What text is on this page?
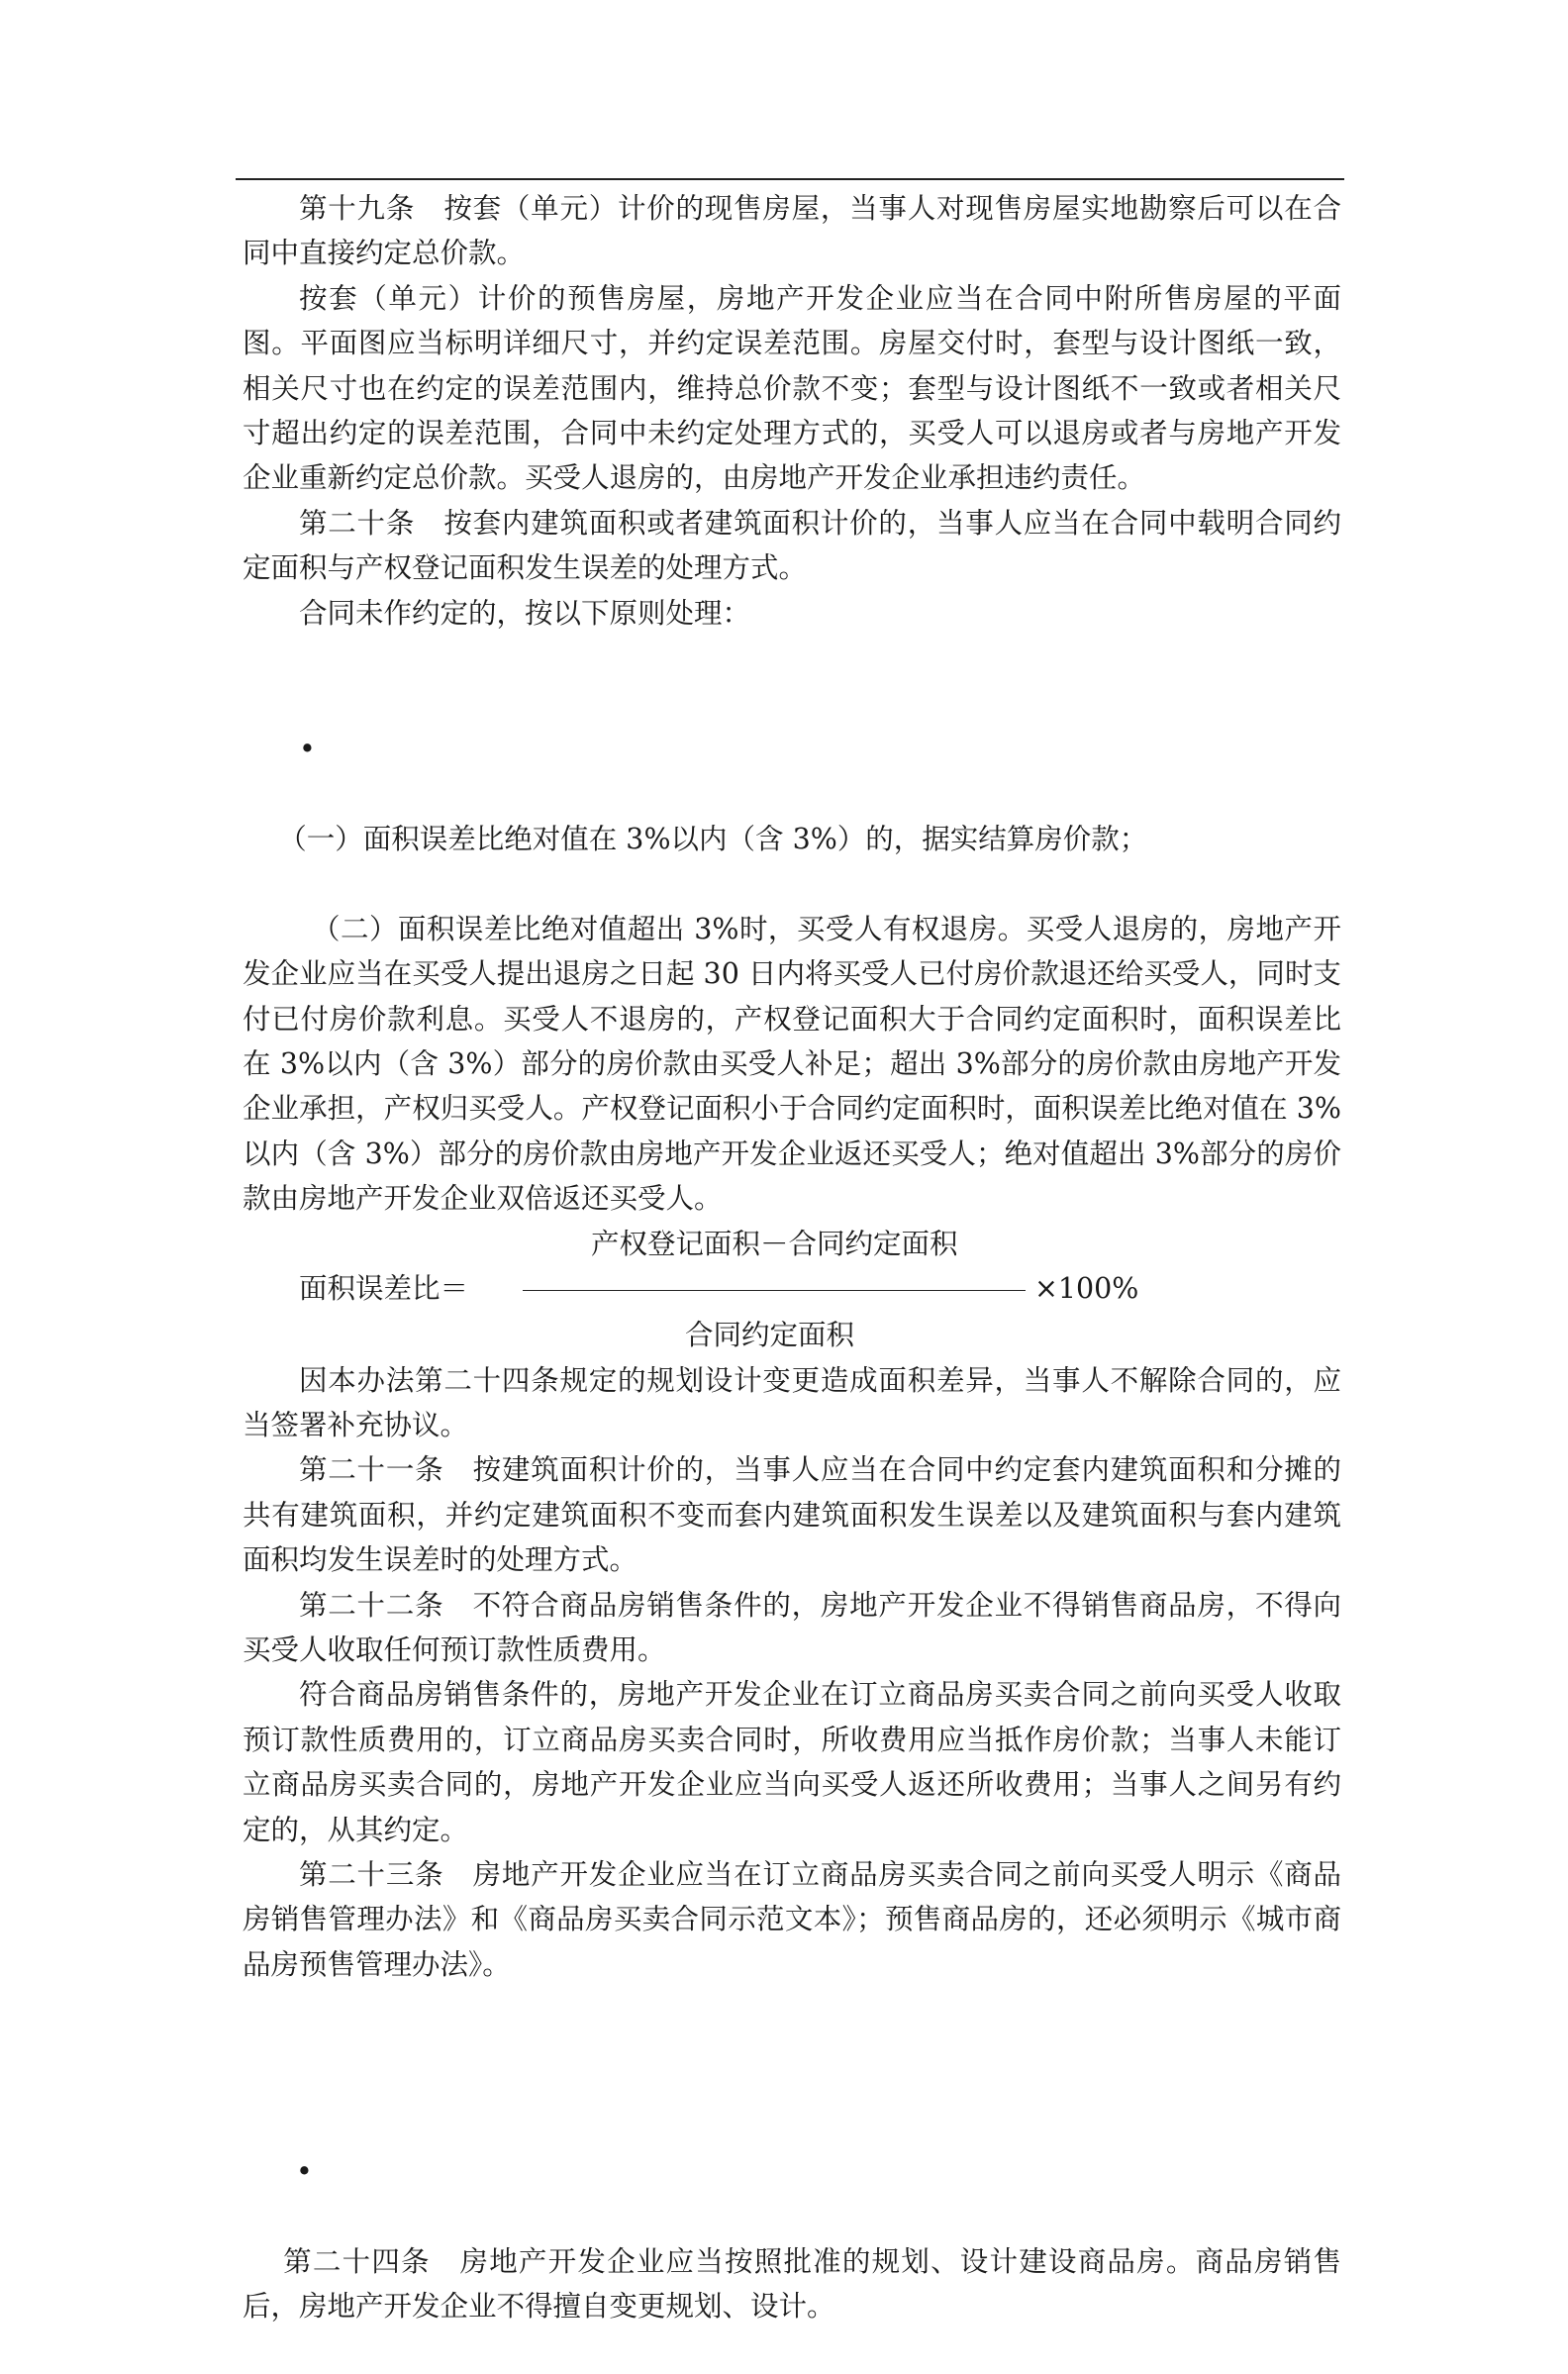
第十九条　按套（单元）计价的现售房屋，当事人对现售房屋实地勘察后可以在合同中直接约定总价款。

按套（单元）计价的预售房屋，房地产开发企业应当在合同中附所售房屋的平面图。平面图应当标明详细尺寸，并约定误差范围。房屋交付时，套型与设计图纸一致，相关尺寸也在约定的误差范围内，维持总价款不变；套型与设计图纸不一致或者相关尺寸超出约定的误差范围，合同中未约定处理方式的，买受人可以退房或者与房地产开发企业重新约定总价款。买受人退房的，由房地产开发企业承担违约责任。

第二十条　按套内建筑面积或者建筑面积计价的，当事人应当在合同中载明合同约定面积与产权登记面积发生误差的处理方式。

合同未作约定的，按以下原则处理：

•

（一）面积误差比绝对值在 3%以内（含 3%）的，据实结算房价款；

（二）面积误差比绝对值超出 3%时，买受人有权退房。买受人退房的，房地产开发企业应当在买受人提出退房之日起 30 日内将买受人已付房价款退还给买受人，同时支付已付房价款利息。买受人不退房的，产权登记面积大于合同约定面积时，面积误差比在 3%以内（含 3%）部分的房价款由买受人补足；超出 3%部分的房价款由房地产开发企业承担，产权归买受人。产权登记面积小于合同约定面积时，面积误差比绝对值在 3%以内（含 3%）部分的房价款由房地产开发企业返还买受人；绝对值超出 3%部分的房价款由房地产开发企业双倍返还买受人。

产权登记面积－合同约定面积
面积误差比＝	×100%
合同约定面积

因本办法第二十四条规定的规划设计变更造成面积差异，当事人不解除合同的，应当签署补充协议。

第二十一条　按建筑面积计价的，当事人应当在合同中约定套内建筑面积和分摊的共有建筑面积，并约定建筑面积不变而套内建筑面积发生误差以及建筑面积与套内建筑面积均发生误差时的处理方式。

第二十二条　不符合商品房销售条件的，房地产开发企业不得销售商品房，不得向买受人收取任何预订款性质费用。

符合商品房销售条件的，房地产开发企业在订立商品房买卖合同之前向买受人收取预订款性质费用的，订立商品房买卖合同时，所收费用应当抵作房价款；当事人未能订立商品房买卖合同的，房地产开发企业应当向买受人返还所收费用；当事人之间另有约定的，从其约定。

第二十三条　房地产开发企业应当在订立商品房买卖合同之前向买受人明示《商品房销售管理办法》和《商品房买卖合同示范文本》；预售商品房的，还必须明示《城市商品房预售管理办法》。

•

第二十四条　房地产开发企业应当按照批准的规划、设计建设商品房。商品房销售后，房地产开发企业不得擅自变更规划、设计。
